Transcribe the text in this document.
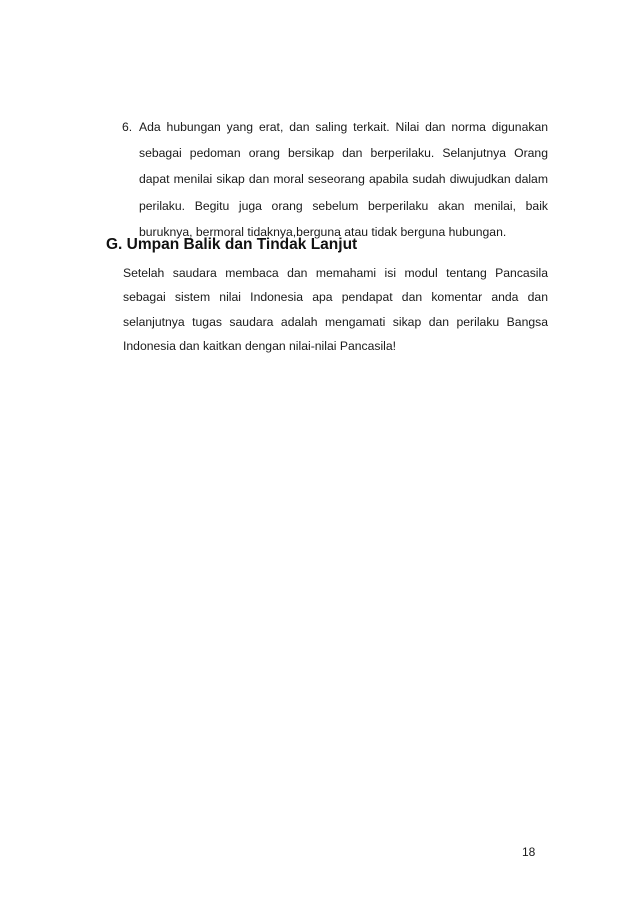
6. Ada hubungan yang erat, dan saling terkait. Nilai dan norma digunakan sebagai pedoman orang bersikap dan berperilaku. Selanjutnya Orang dapat menilai sikap dan moral seseorang apabila sudah diwujudkan dalam perilaku. Begitu juga orang sebelum berperilaku akan menilai, baik buruknya, bermoral tidaknya,berguna atau tidak berguna hubungan.
G. Umpan Balik dan Tindak Lanjut

Setelah saudara membaca dan memahami isi modul tentang Pancasila sebagai sistem nilai Indonesia apa pendapat dan komentar anda dan selanjutnya tugas saudara adalah mengamati sikap dan perilaku Bangsa Indonesia dan kaitkan dengan nilai-nilai Pancasila!

18
